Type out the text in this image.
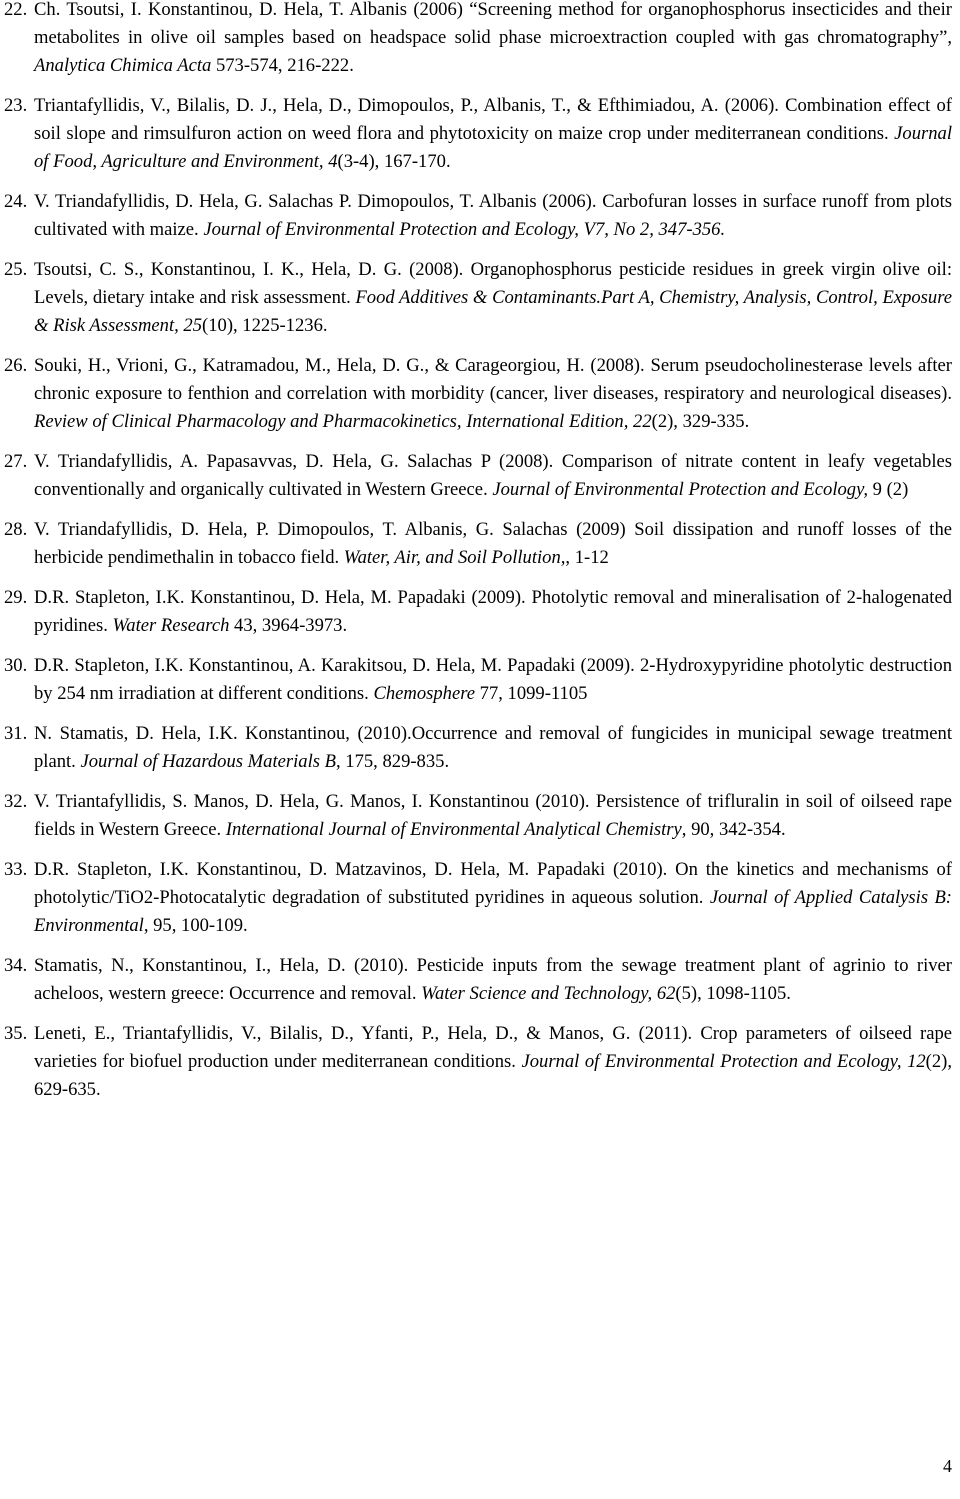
22. Ch. Tsoutsi, I. Konstantinou, D. Hela, T. Albanis (2006) “Screening method for organophosphorus insecticides and their metabolites in olive oil samples based on headspace solid phase microextraction coupled with gas chromatography”, Analytica Chimica Acta 573-574, 216-222.
23. Triantafyllidis, V., Bilalis, D. J., Hela, D., Dimopoulos, P., Albanis, T., & Efthimiadou, A. (2006). Combination effect of soil slope and rimsulfuron action on weed flora and phytotoxicity on maize crop under mediterranean conditions. Journal of Food, Agriculture and Environment, 4(3-4), 167-170.
24. V. Triandafyllidis, D. Hela, G. Salachas P. Dimopoulos, T. Albanis (2006). Carbofuran losses in surface runoff from plots cultivated with maize. Journal of Environmental Protection and Ecology, V7, No 2, 347-356.
25. Tsoutsi, C. S., Konstantinou, I. K., Hela, D. G. (2008). Organophosphorus pesticide residues in greek virgin olive oil: Levels, dietary intake and risk assessment. Food Additives & Contaminants.Part A, Chemistry, Analysis, Control, Exposure & Risk Assessment, 25(10), 1225-1236.
26. Souki, H., Vrioni, G., Katramadou, M., Hela, D. G., & Carageorgiou, H. (2008). Serum pseudocholinesterase levels after chronic exposure to fenthion and correlation with morbidity (cancer, liver diseases, respiratory and neurological diseases). Review of Clinical Pharmacology and Pharmacokinetics, International Edition, 22(2), 329-335.
27. V. Triandafyllidis, A. Papasavvas, D. Hela, G. Salachas P (2008). Comparison of nitrate content in leafy vegetables conventionally and organically cultivated in Western Greece. Journal of Environmental Protection and Ecology, 9 (2)
28. V. Triandafyllidis, D. Hela, P. Dimopoulos, T. Albanis, G. Salachas (2009) Soil dissipation and runoff losses of the herbicide pendimethalin in tobacco field. Water, Air, and Soil Pollution,, 1-12
29. D.R. Stapleton, I.K. Konstantinou, D. Hela, M. Papadaki (2009). Photolytic removal and mineralisation of 2-halogenated pyridines. Water Research 43, 3964-3973.
30. D.R. Stapleton, I.K. Konstantinou, A. Karakitsou, D. Hela, M. Papadaki (2009). 2-Hydroxypyridine photolytic destruction by 254 nm irradiation at different conditions. Chemosphere 77, 1099-1105
31. N. Stamatis, D. Hela, I.K. Konstantinou, (2010).Occurrence and removal of fungicides in municipal sewage treatment plant. Journal of Hazardous Materials B, 175, 829-835.
32. V. Triantafyllidis, S. Manos, D. Hela, G. Manos, I. Konstantinou (2010). Persistence of trifluralin in soil of oilseed rape fields in Western Greece. International Journal of Environmental Analytical Chemistry, 90, 342-354.
33. D.R. Stapleton, I.K. Konstantinou, D. Matzavinos, D. Hela, M. Papadaki (2010). On the kinetics and mechanisms of photolytic/TiO2-Photocatalytic degradation of substituted pyridines in aqueous solution. Journal of Applied Catalysis B: Environmental, 95, 100-109.
34. Stamatis, N., Konstantinou, I., Hela, D. (2010). Pesticide inputs from the sewage treatment plant of agrinio to river acheloos, western greece: Occurrence and removal. Water Science and Technology, 62(5), 1098-1105.
35. Leneti, E., Triantafyllidis, V., Bilalis, D., Yfanti, P., Hela, D., & Manos, G. (2011). Crop parameters of oilseed rape varieties for biofuel production under mediterranean conditions. Journal of Environmental Protection and Ecology, 12(2), 629-635.
4
